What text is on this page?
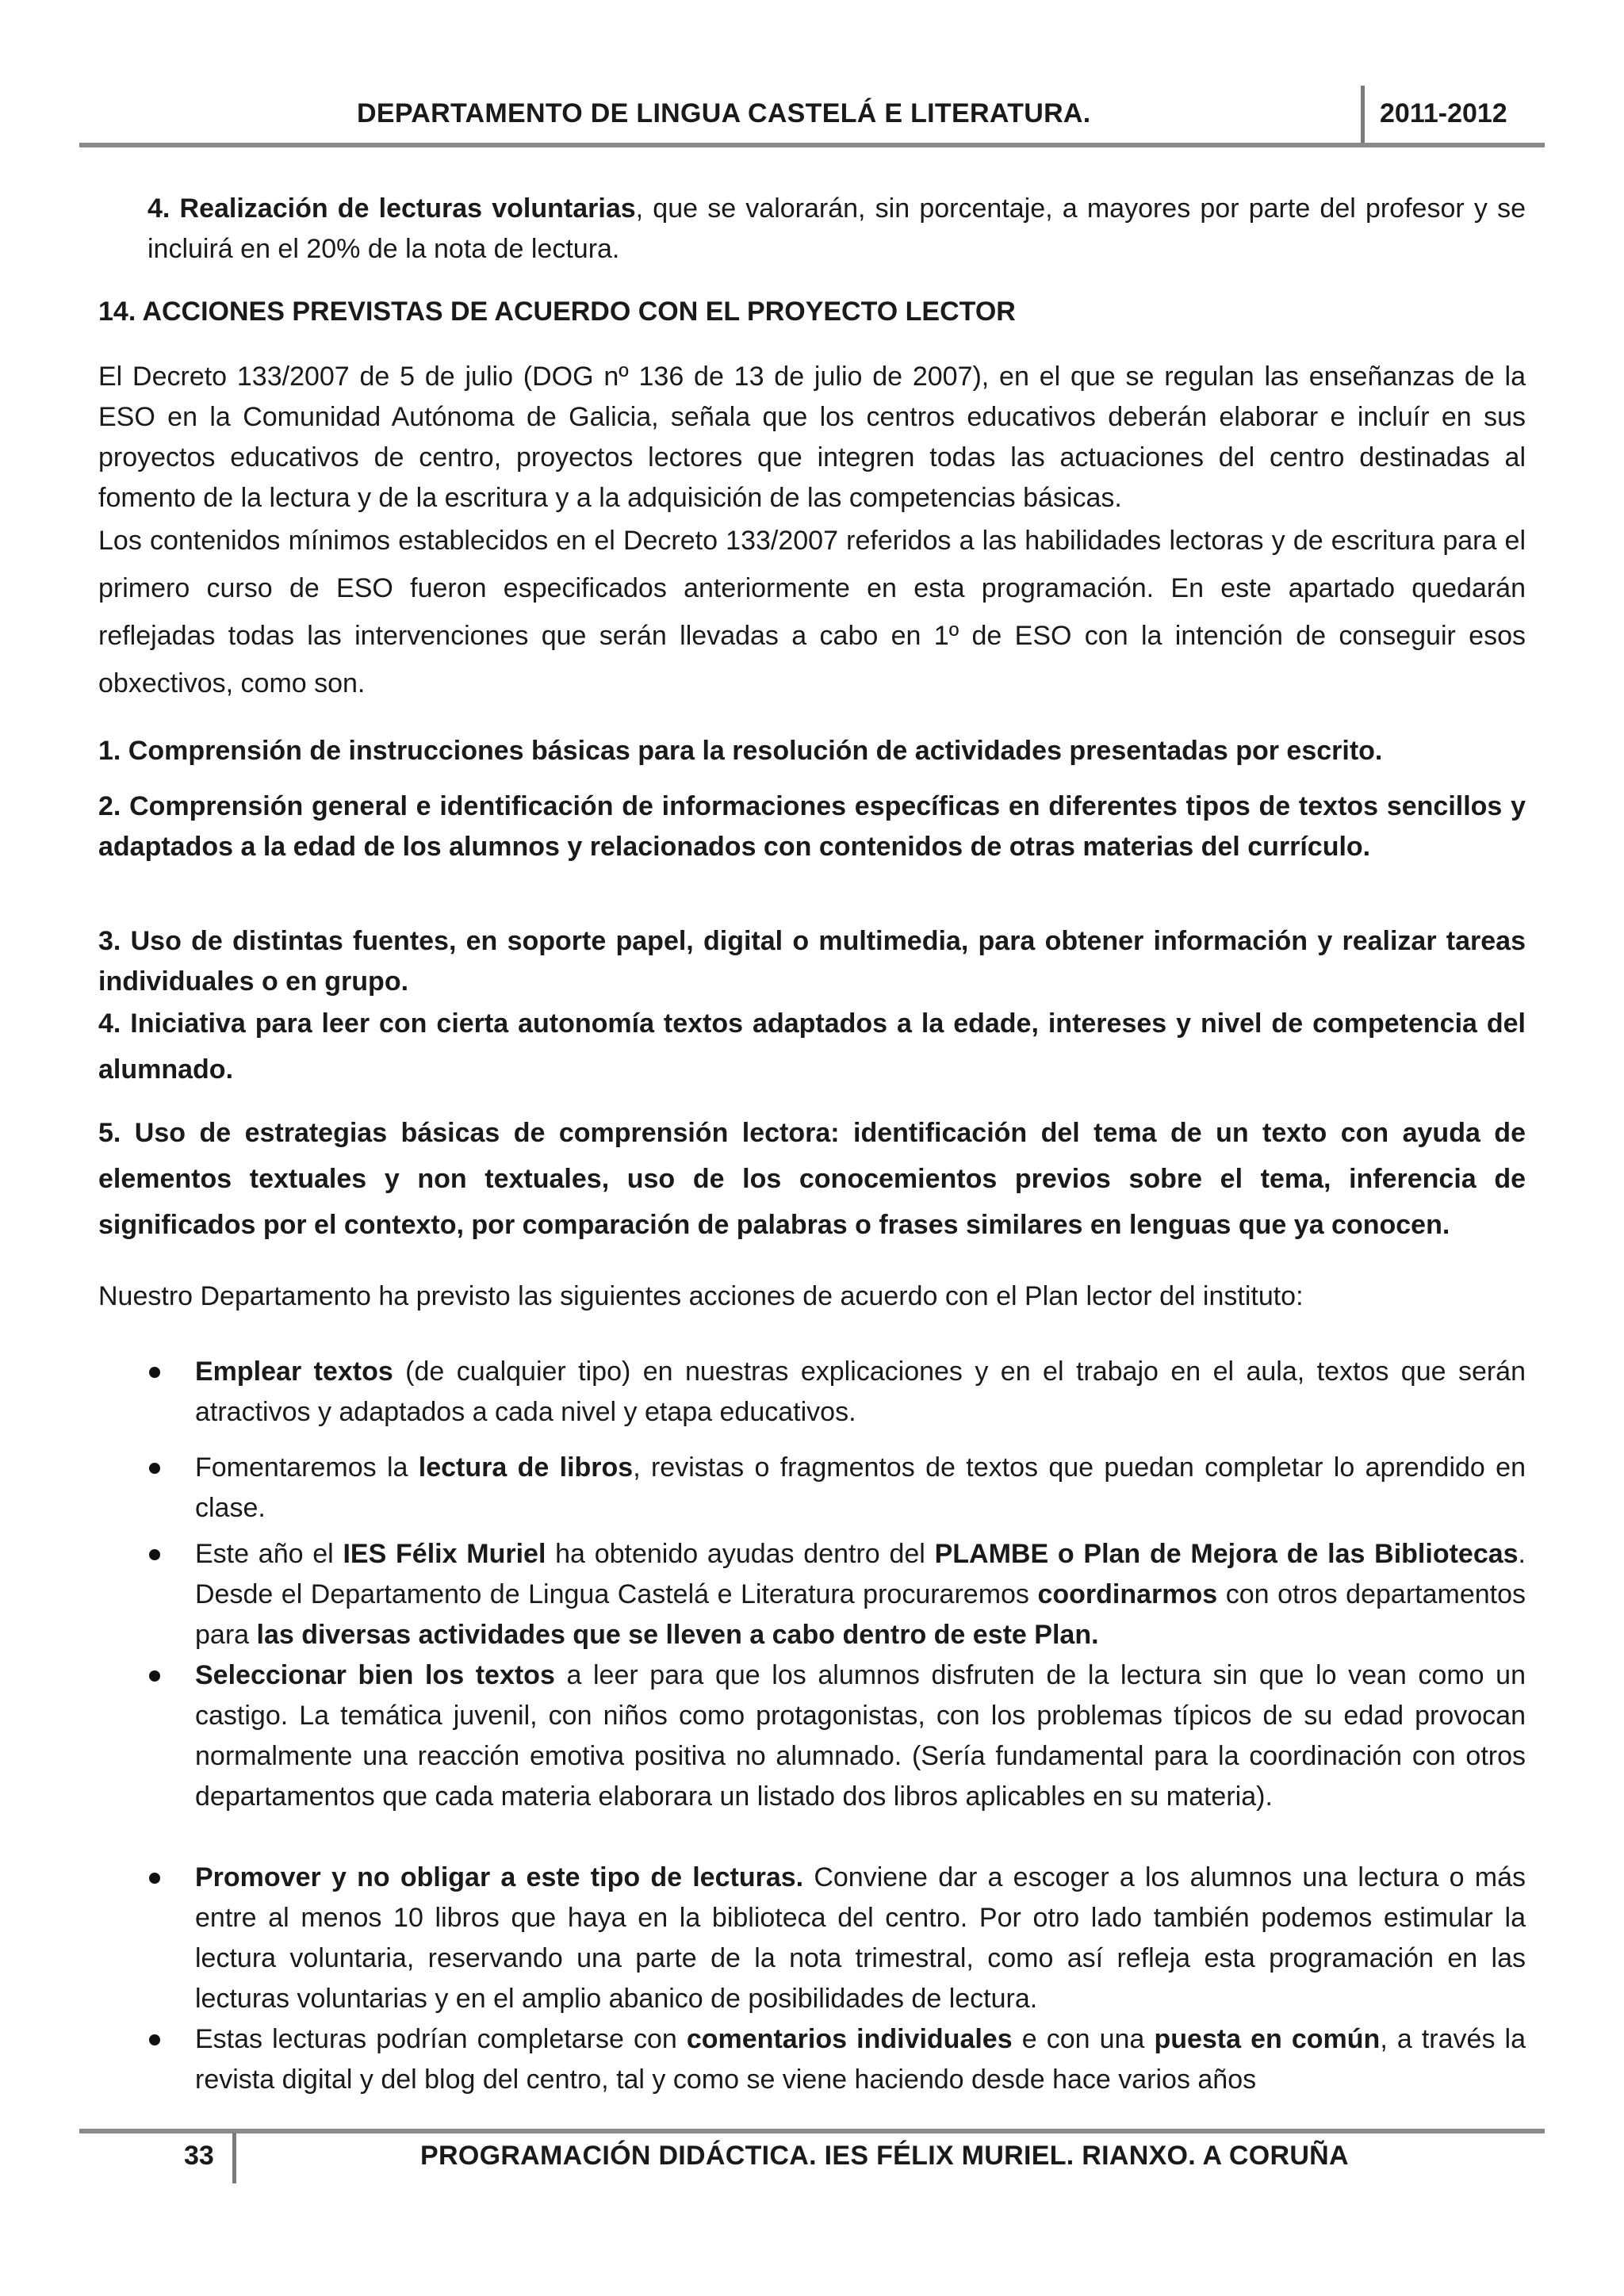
DEPARTAMENTO DE LINGUA CASTELÁ E LITERATURA.	2011-2012

4. Realización de lecturas voluntarias, que se valorarán, sin porcentaje, a mayores por parte del profesor y se incluirá en el 20% de la nota de lectura.

14. ACCIONES PREVISTAS DE ACUERDO CON EL PROYECTO LECTOR

El Decreto 133/2007 de 5 de julio (DOG nº 136 de 13 de julio de 2007), en el que se regulan las enseñanzas de la ESO en la Comunidad Autónoma de Galicia, señala que los centros educativos deberán elaborar e incluír en sus proyectos educativos de centro, proyectos lectores que integren todas las actuaciones del centro destinadas al fomento de la lectura y de la escritura y a la adquisición de las competencias básicas.

Los contenidos mínimos establecidos en el Decreto 133/2007 referidos a las habilidades lectoras y de escritura para el primero curso de ESO fueron especificados anteriormente en esta programación. En este apartado quedarán reflejadas todas las intervenciones que serán llevadas a cabo en 1º de ESO con la intención de conseguir esos obxectivos, como son.

1. Comprensión de instrucciones básicas para la resolución de actividades presentadas por escrito.

2. Comprensión general e identificación de informaciones específicas en diferentes tipos de textos sencillos y adaptados a la edad de los alumnos y relacionados con contenidos de otras materias del currículo.

3. Uso de distintas fuentes, en soporte papel, digital o multimedia, para obtener información y realizar tareas individuales o en grupo.

4. Iniciativa para leer con cierta autonomía textos adaptados a la edade, intereses y nivel de competencia del alumnado.

5. Uso de estrategias básicas de comprensión lectora: identificación del tema de un texto con ayuda de elementos textuales y non textuales, uso de los conocemientos previos sobre el tema, inferencia de significados por el contexto, por comparación de palabras o frases similares en lenguas que ya conocen.

Nuestro Departamento ha previsto las siguientes acciones de acuerdo con el Plan lector del instituto:

Emplear textos (de cualquier tipo) en nuestras explicaciones y en el trabajo en el aula, textos que serán atractivos y adaptados a cada nivel y etapa educativos.
Fomentaremos la lectura de libros, revistas o fragmentos de textos que puedan completar lo aprendido en clase.
Este año el IES Félix Muriel ha obtenido ayudas dentro del PLAMBE o Plan de Mejora de las Bibliotecas. Desde el Departamento de Lingua Castelá e Literatura procuraremos coordinarmos con otros departamentos para las diversas actividades que se lleven a cabo dentro de este Plan.
Seleccionar bien los textos a leer para que los alumnos disfruten de la lectura sin que lo vean como un castigo. La temática juvenil, con niños como protagonistas, con los problemas típicos de su edad provocan normalmente una reacción emotiva positiva no alumnado. (Sería fundamental para la coordinación con otros departamentos que cada materia elaborara un listado dos libros aplicables en su materia).
Promover y no obligar a este tipo de lecturas. Conviene dar a escoger a los alumnos una lectura o más entre al menos 10 libros que haya en la biblioteca del centro. Por otro lado también podemos estimular la lectura voluntaria, reservando una parte de la nota trimestral, como así refleja esta programación en las lecturas voluntarias y en el amplio abanico de posibilidades de lectura.
Estas lecturas podrían completarse con comentarios individuales e con una puesta en común, a través la revista digital y del blog del centro, tal y como se viene haciendo desde hace varios años
33	PROGRAMACIÓN DIDÁCTICA. IES FÉLIX MURIEL. RIANXO. A CORUÑA
